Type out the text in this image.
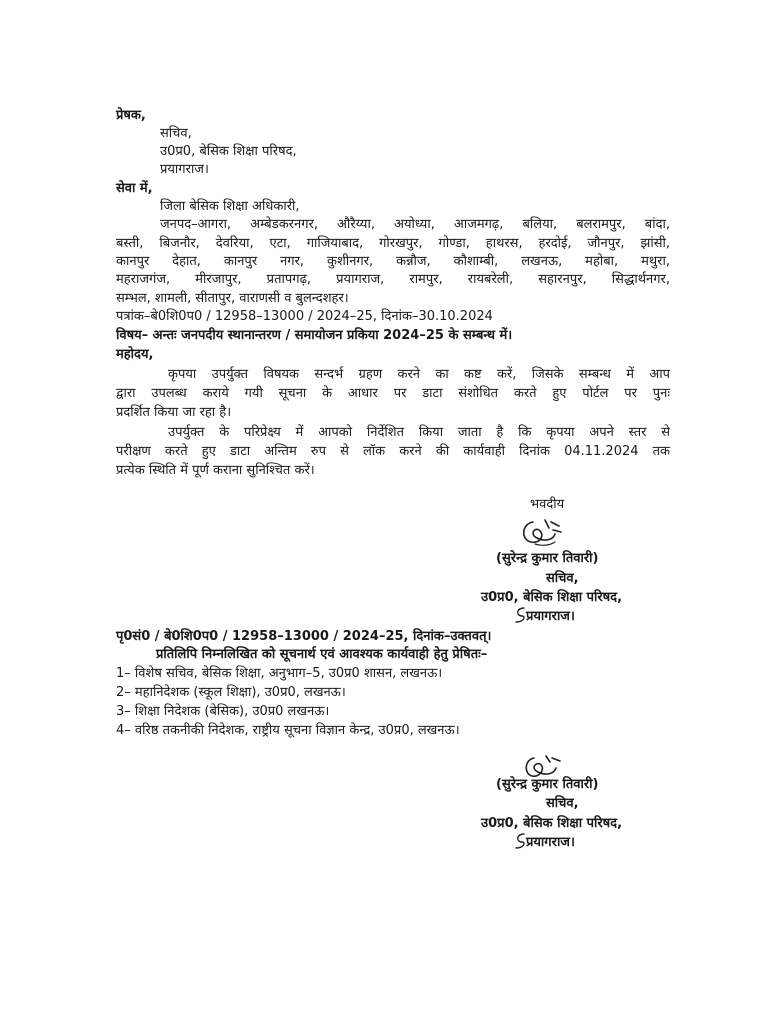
प्रेषक,
सचिव,
उ0प्र0, बेसिक शिक्षा परिषद,
प्रयागराज।
सेवा में,
जिला बेसिक शिक्षा अधिकारी,
जनपद–आगरा, अम्बेडकरनगर, औरैय्या, अयोध्या, आजमगढ़, बलिया, बलरामपुर, बांदा,
बस्ती, बिजनौर, देवरिया, एटा, गाजियाबाद, गोरखपुर, गोण्डा, हाथरस, हरदोई, जौनपुर, झांसी,
कानपुर देहात, कानपुर नगर, कुशीनगर, कन्नौज, कौशाम्बी, लखनऊ, महोबा, मथुरा,
महराजगंज, मीरजापुर, प्रतापगढ़, प्रयागराज, रामपुर, रायबरेली, सहारनपुर, सिद्धार्थनगर,
सम्भल, शामली, सीतापुर, वाराणसी व बुलन्दशहर।
पत्रांक–बे0शि0प0 / 12958–13000 / 2024–25, दिनांक–30.10.2024
विषय– अन्तः जनपदीय स्थानान्तरण / समायोजन प्रकिया 2024–25 के सम्बन्ध में।
महोदय,
कृपया उपर्युक्त विषयक सन्दर्भ ग्रहण करने का कष्ट करें, जिसके सम्बन्ध में आप
द्वारा उपलब्ध कराये गयी सूचना के आधार पर डाटा संशोधित करते हुए पोर्टल पर पुनः
प्रदर्शित किया जा रहा है।
उपर्युक्त के परिप्रेक्ष्य में आपको निर्देशित किया जाता है कि कृपया अपने स्तर से
परीक्षण करते हुए डाटा अन्तिम रुप से लॉक करने की कार्यवाही दिनांक 04.11.2024 तक
प्रत्येक स्थिति में पूर्ण कराना सुनिश्चित करें।
भवदीय
(सुरेन्द्र कुमार तिवारी)
सचिव,
उ0प्र0, बेसिक शिक्षा परिषद,
प्रयागराज।
पृ0सं0 / बे0शि0प0 / 12958–13000 / 2024–25, दिनांक–उक्तवत्।
प्रतिलिपि निम्नलिखित को सूचनार्थ एवं आवश्यक कार्यवाही हेतु प्रेषितः–
1– विशेष सचिव, बेसिक शिक्षा, अनुभाग–5, उ0प्र0 शासन, लखनऊ।
2– महानिदेशक (स्कूल शिक्षा), उ0प्र0, लखनऊ।
3– शिक्षा निदेशक (बेसिक), उ0प्र0 लखनऊ।
4– वरिष्ठ तकनीकी निदेशक, राष्ट्रीय सूचना विज्ञान केन्द्र, उ0प्र0, लखनऊ।
(सुरेन्द्र कुमार तिवारी)
सचिव,
उ0प्र0, बेसिक शिक्षा परिषद,
प्रयागराज।
